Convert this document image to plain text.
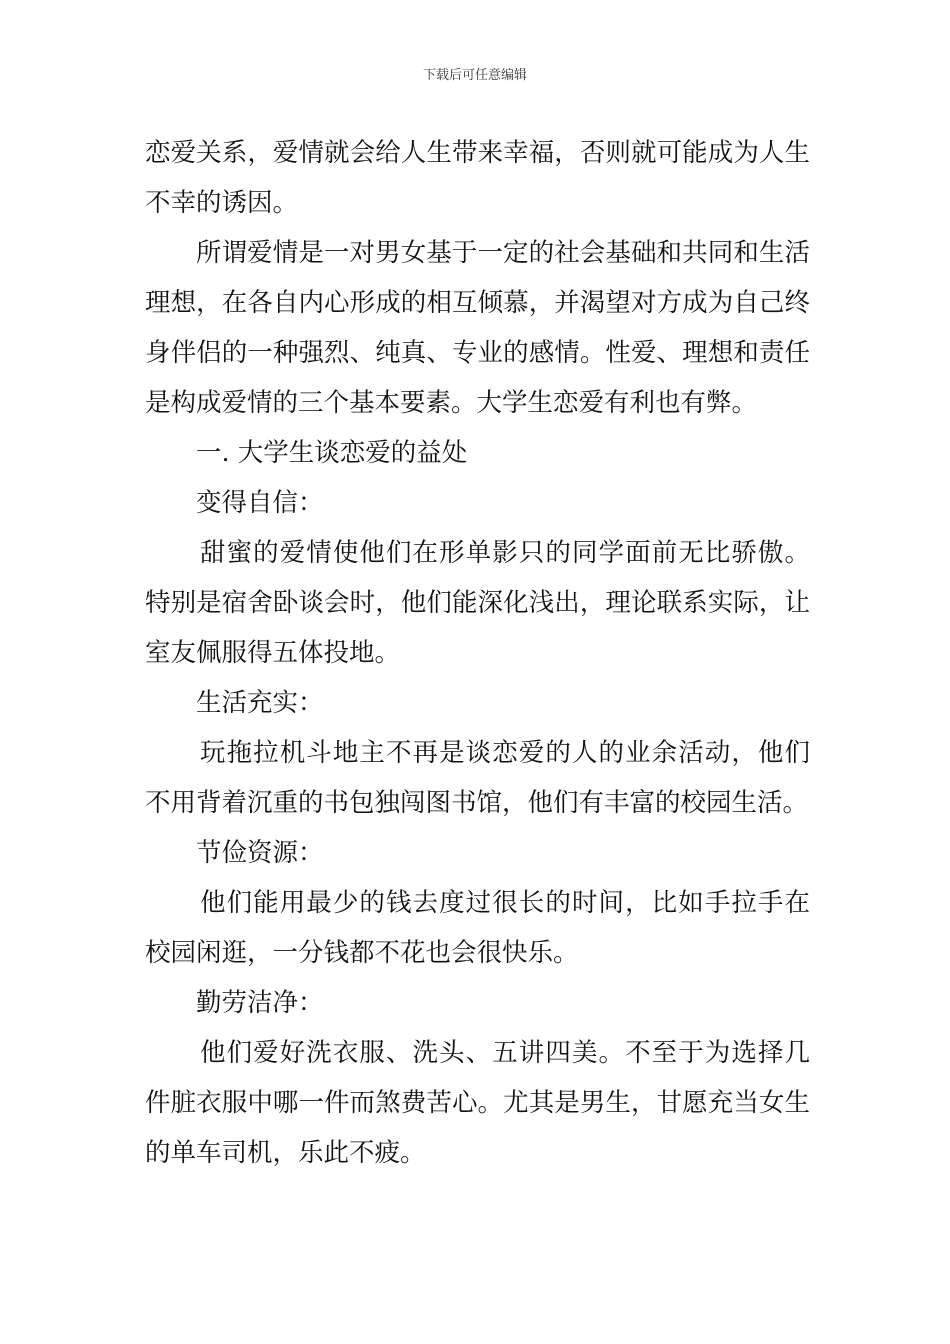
下载后可任意编辑

恋爱关系，爱情就会给人生带来幸福，否则就可能成为人生不幸的诱因。

所谓爱情是一对男女基于一定的社会基础和共同和生活理想，在各自内心形成的相互倾慕，并渴望对方成为自己终身伴侣的一种强烈、纯真、专业的感情。性爱、理想和责任是构成爱情的三个基本要素。大学生恋爱有利也有弊。

一. 大学生谈恋爱的益处

变得自信：

甜蜜的爱情使他们在形单影只的同学面前无比骄傲。特别是宿舍卧谈会时，他们能深化浅出，理论联系实际，让室友佩服得五体投地。

生活充实：

玩拖拉机斗地主不再是谈恋爱的人的业余活动，他们不用背着沉重的书包独闯图书馆，他们有丰富的校园生活。

节俭资源：

他们能用最少的钱去度过很长的时间，比如手拉手在校园闲逛，一分钱都不花也会很快乐。

勤劳洁净：

他们爱好洗衣服、洗头、五讲四美。不至于为选择几件脏衣服中哪一件而煞费苦心。尤其是男生，甘愿充当女生的单车司机，乐此不疲。
